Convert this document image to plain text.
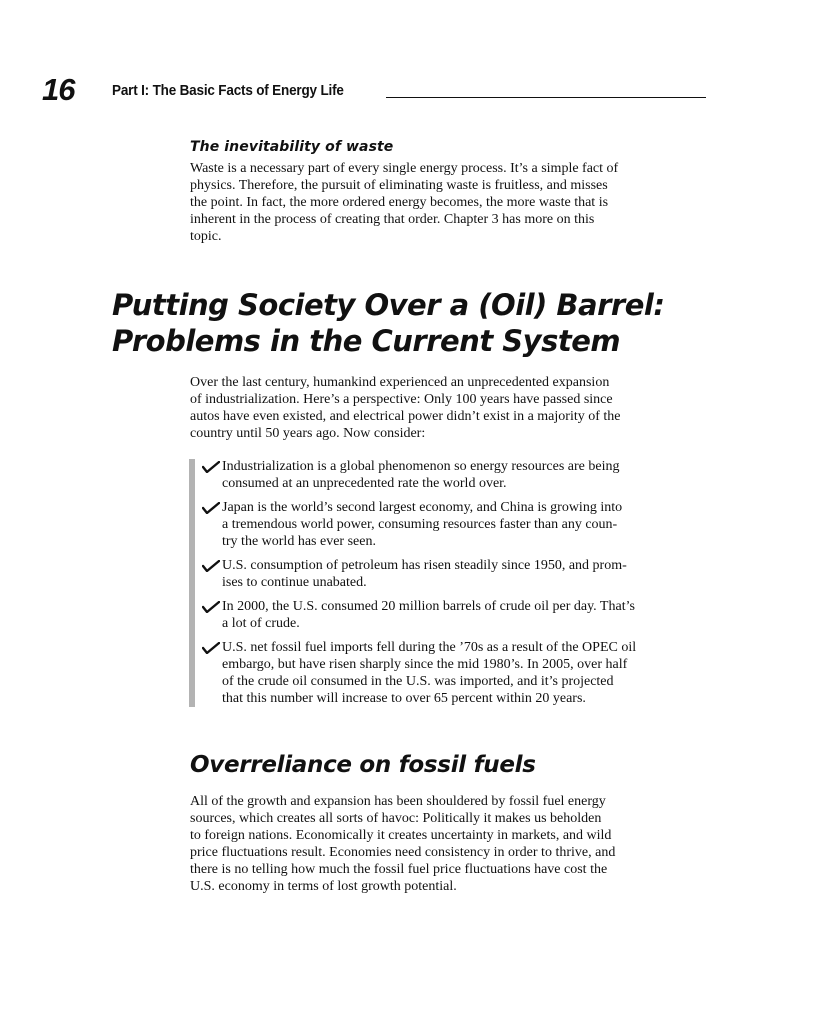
16	Part I: The Basic Facts of Energy Life
The inevitability of waste
Waste is a necessary part of every single energy process. It’s a simple fact of
physics. Therefore, the pursuit of eliminating waste is fruitless, and misses
the point. In fact, the more ordered energy becomes, the more waste that is
inherent in the process of creating that order. Chapter 3 has more on this
topic.
Putting Society Over a (Oil) Barrel:
Problems in the Current System
Over the last century, humankind experienced an unprecedented expansion
of industrialization. Here’s a perspective: Only 100 years have passed since
autos have even existed, and electrical power didn’t exist in a majority of the
country until 50 years ago. Now consider:
Industrialization is a global phenomenon so energy resources are being
consumed at an unprecedented rate the world over.
Japan is the world’s second largest economy, and China is growing into
a tremendous world power, consuming resources faster than any coun-
try the world has ever seen.
U.S. consumption of petroleum has risen steadily since 1950, and prom-
ises to continue unabated.
In 2000, the U.S. consumed 20 million barrels of crude oil per day. That’s
a lot of crude.
U.S. net fossil fuel imports fell during the ’70s as a result of the OPEC oil
embargo, but have risen sharply since the mid 1980’s. In 2005, over half
of the crude oil consumed in the U.S. was imported, and it’s projected
that this number will increase to over 65 percent within 20 years.
Overreliance on fossil fuels
All of the growth and expansion has been shouldered by fossil fuel energy
sources, which creates all sorts of havoc: Politically it makes us beholden
to foreign nations. Economically it creates uncertainty in markets, and wild
price fluctuations result. Economies need consistency in order to thrive, and
there is no telling how much the fossil fuel price fluctuations have cost the
U.S. economy in terms of lost growth potential.
